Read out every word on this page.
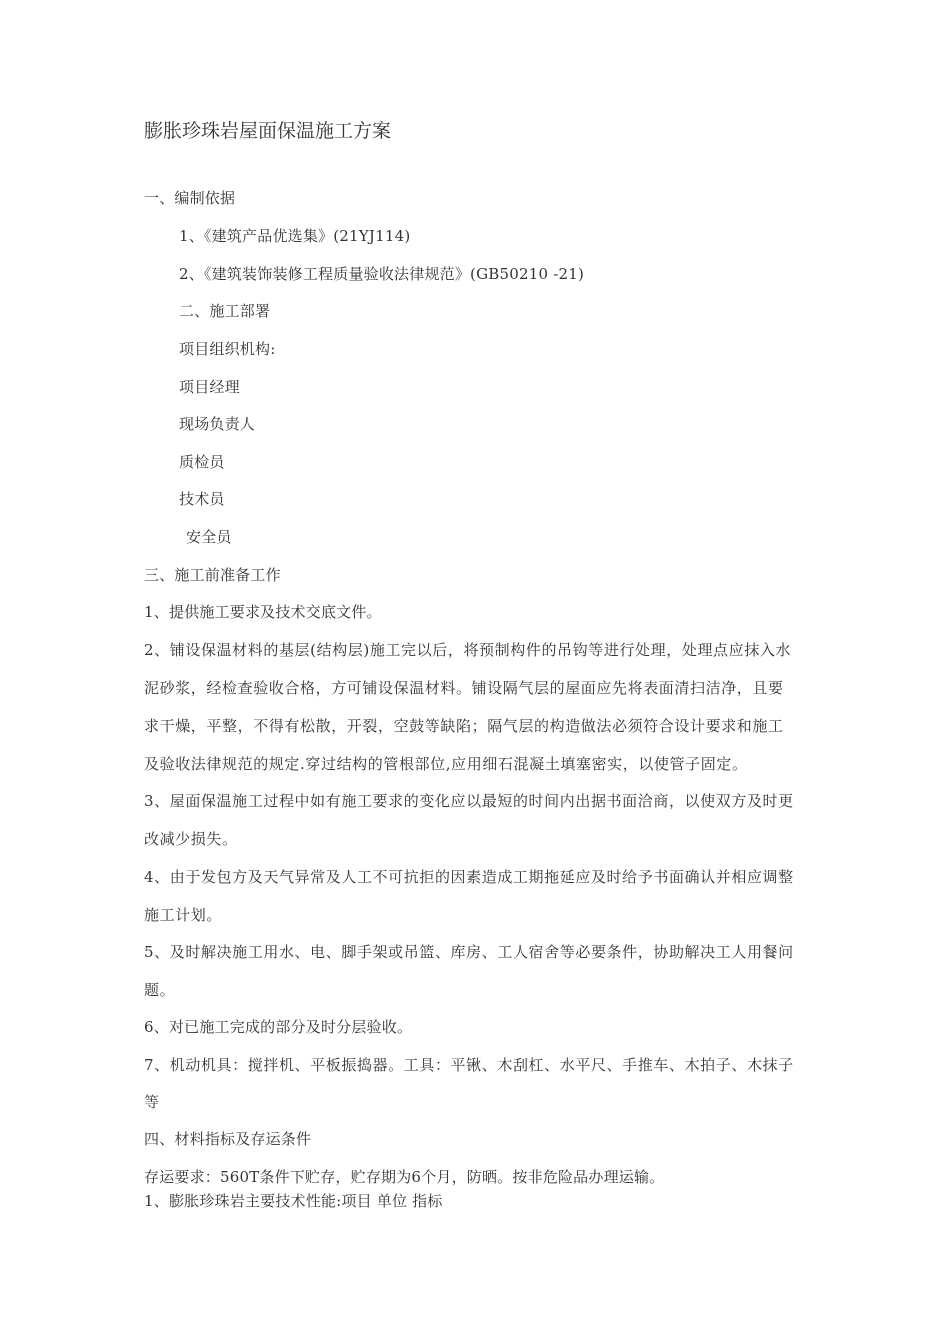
膨胀珍珠岩屋面保温施工方案
一、编制依据
1、《建筑产品优选集》(21YJ114)
2、《建筑装饰装修工程质量验收法律规范》(GB50210 -21)
二、施工部署
项目组织机构:
项目经理
现场负责人
质检员
技术员
安全员
三、施工前准备工作
1、提供施工要求及技术交底文件。
2、铺设保温材料的基层(结构层)施工完以后，将预制构件的吊钩等进行处理，处理点应抹入水
泥砂浆，经检查验收合格，方可铺设保温材料。铺设隔气层的屋面应先将表面清扫洁净，且要
求干燥，平整，不得有松散，开裂，空鼓等缺陷；隔气层的构造做法必须符合设计要求和施工
及验收法律规范的规定.穿过结构的管根部位,应用细石混凝土填塞密实，以使管子固定。
3、屋面保温施工过程中如有施工要求的变化应以最短的时间内出据书面洽商，以使双方及时更
改减少损失。
4、由于发包方及天气异常及人工不可抗拒的因素造成工期拖延应及时给予书面确认并相应调整
施工计划。
5、及时解决施工用水、电、脚手架或吊篮、库房、工人宿舍等必要条件，协助解决工人用餐问
题。
6、对已施工完成的部分及时分层验收。
7、机动机具：搅拌机、平板振捣器。工具：平锹、木刮杠、水平尺、手推车、木拍子、木抹子
等
四、材料指标及存运条件
存运要求：560T条件下贮存，贮存期为6个月，防晒。按非危险品办理运输。
1、膨胀珍珠岩主要技术性能:项目 单位 指标
